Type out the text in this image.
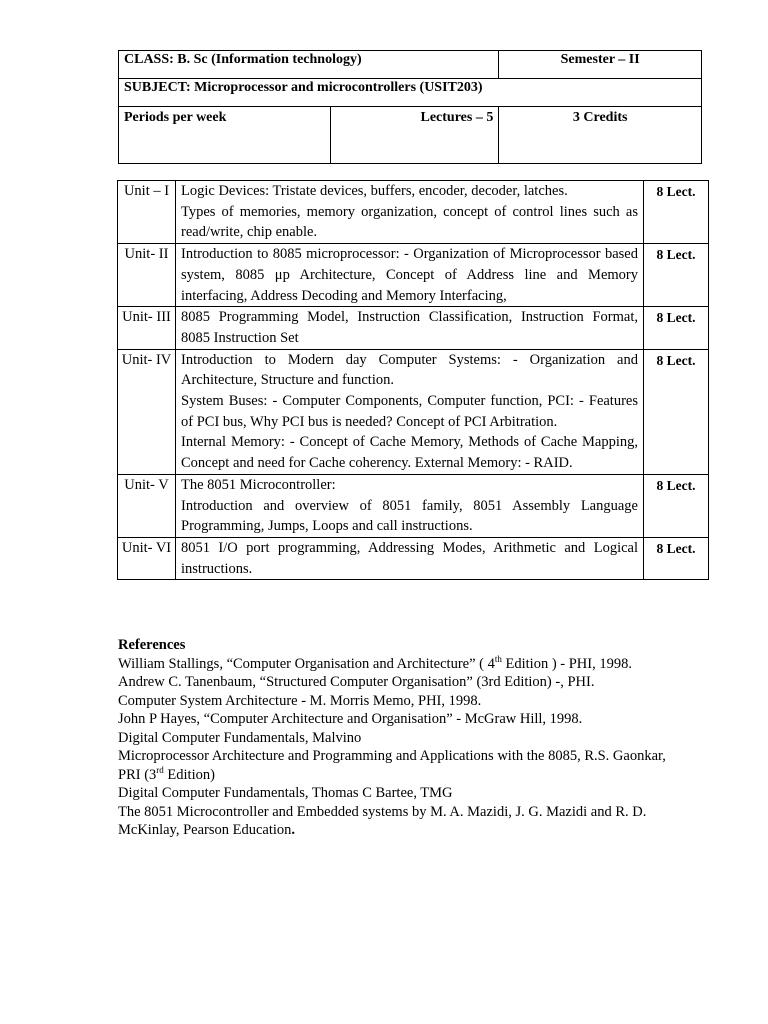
CLASS: B. Sc (Information technology)		Semester – II
SUBJECT: Microprocessor and microcontrollers (USIT203)		
Periods per week	Lectures – 5	3 Credits
Unit – I	Logic Devices: Tristate devices, buffers, encoder, decoder, latches.
Types of memories, memory organization, concept of control lines such as read/write, chip enable.	8 Lect.
Unit- II	Introduction to 8085 microprocessor: - Organization of Microprocessor based system, 8085 μp Architecture, Concept of Address line and Memory interfacing, Address Decoding and Memory Interfacing,	8 Lect.
Unit- III	8085 Programming Model, Instruction Classification, Instruction Format, 8085 Instruction Set	8 Lect.
Unit- IV	Introduction to Modern day Computer Systems: - Organization and Architecture, Structure and function.
System Buses: - Computer Components, Computer function, PCI: - Features of PCI bus, Why PCI bus is needed? Concept of PCI Arbitration.
Internal Memory: - Concept of Cache Memory, Methods of Cache Mapping, Concept and need for Cache coherency. External Memory: - RAID.	8 Lect.
Unit- V	The 8051 Microcontroller:
Introduction and overview of 8051 family, 8051 Assembly Language Programming, Jumps, Loops and call instructions.	8 Lect.
Unit- VI	8051 I/O port programming, Addressing Modes, Arithmetic and Logical instructions.	8 Lect.
References
William Stallings, “Computer Organisation and Architecture” ( 4th Edition ) - PHI, 1998.
Andrew C. Tanenbaum, “Structured Computer Organisation” (3rd Edition) -, PHI.
Computer System Architecture - M. Morris Memo, PHI, 1998.
John P Hayes, “Computer Architecture and Organisation” - McGraw Hill, 1998.
Digital Computer Fundamentals, Malvino
Microprocessor Architecture and Programming and Applications with the 8085, R.S. Gaonkar,
PRI (3rd Edition)
Digital Computer Fundamentals, Thomas C Bartee, TMG
The 8051 Microcontroller and Embedded systems by M. A. Mazidi, J. G. Mazidi and R. D.
McKinlay, Pearson Education.
